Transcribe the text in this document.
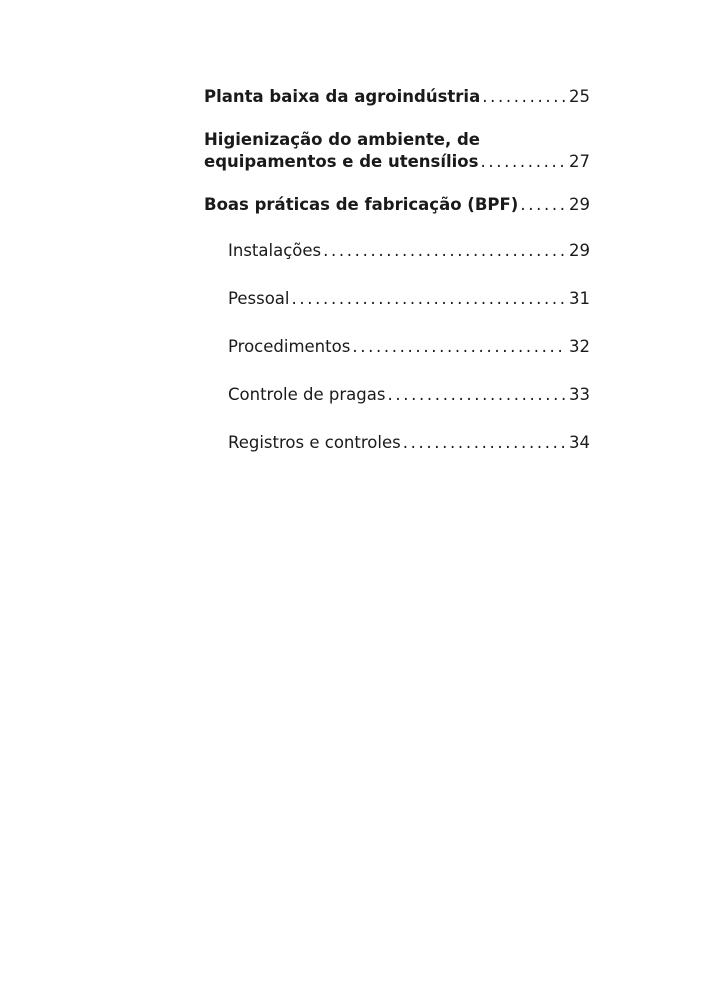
Planta baixa da agroindústria . . .	25
Higienização do ambiente, de
equipamentos e de utensílios . . .	27
Boas práticas de fabricação (BPF) . . .	29
Instalações . . .	29
Pessoal . . .	31
Procedimentos . . .	32
Controle de pragas . . .	33
Registros e controles . . .	34
